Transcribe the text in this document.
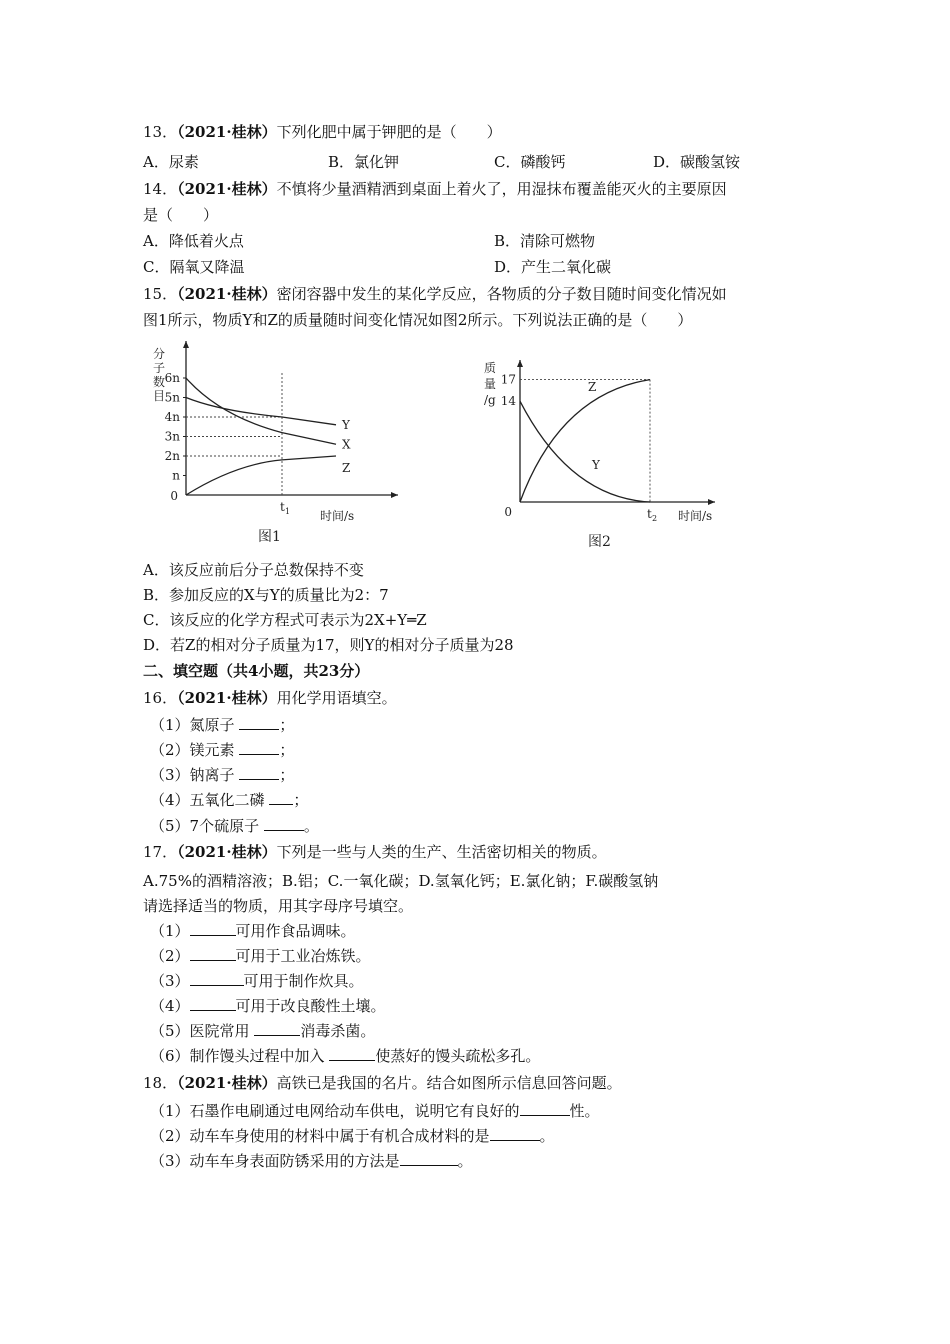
13．（2021·桂林）下列化肥中属于钾肥的是（　　）
A．尿素	B．氯化钾	C．磷酸钙	D．碳酸氢铵
14．（2021·桂林）不慎将少量酒精洒到桌面上着火了，用湿抹布覆盖能灭火的主要原因
是（　　）
A．降低着火点	B．清除可燃物
C．隔氧又降温	D．产生二氧化碳
15．（2021·桂林）密闭容器中发生的某化学反应，各物质的分子数目随时间变化情况如
图1所示，物质Y和Z的质量随时间变化情况如图2所示。下列说法正确的是（　　）
分
子
数
目
0
n
2n
3n
4n
5n
6n
t 1
Y
X
Z
时间/s
图1
质
量
/g
0
14
17
t 2
Z
Y
时间/s
图2
A．该反应前后分子总数保持不变
B．参加反应的X与Y的质量比为2：7
C．该反应的化学方程式可表示为2X+Y═Z
D．若Z的相对分子质量为17，则Y的相对分子质量为28
二、填空题（共4小题，共23分）
16．（2021·桂林）用化学用语填空。
（1）氮原子	；
（2）镁元素	；
（3）钠离子	；
（4）五氧化二磷 ；
（5）7个硫原子	。
17．（2021·桂林）下列是一些与人类的生产、生活密切相关的物质。
A.75%的酒精溶液；B.铝；C.一氧化碳；D.氢氧化钙；E.氯化钠；F.碳酸氢钠
请选择适当的物质，用其字母序号填空。
（1）	可用作食品调味。
（2）	可用于工业冶炼铁。
（3）	可用于制作炊具。
（4）	可用于改良酸性土壤。
（5）医院常用	消毒杀菌。
（6）制作馒头过程中加入	使蒸好的馒头疏松多孔。
18．（2021·桂林）高铁已是我国的名片。结合如图所示信息回答问题。
（1）石墨作电刷通过电网给动车供电，说明它有良好的	性。
（2）动车车身使用的材料中属于有机合成材料的是	。
（3）动车车身表面防锈采用的方法是	。
